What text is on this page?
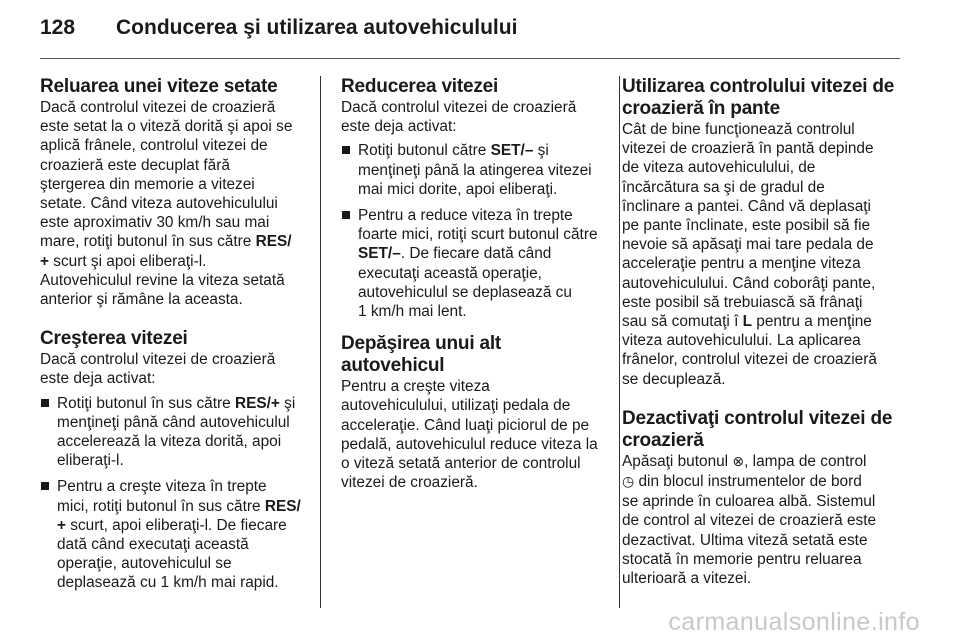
128	Conducerea şi utilizarea autovehiculului
Reluarea unei viteze setate

Dacă controlul vitezei de croazieră

este setat la o viteză dorită şi apoi se

aplică frânele, controlul vitezei de

croazieră este decuplat fără

ştergerea din memorie a vitezei

setate. Când viteza autovehiculului

este aproximativ 30 km/h sau mai

mare, rotiţi butonul în sus către RES/

+ scurt şi apoi eliberaţi-l.

Autovehiculul revine la viteza setată

anterior şi rămâne la aceasta.

Creşterea vitezei

Dacă controlul vitezei de croazieră

este deja activat:

Rotiţi butonul în sus către RES/+ şi
menţineţi până când autovehiculul
accelerează la viteza dorită, apoi
eliberaţi-l.
Pentru a creşte viteza în trepte
mici, rotiţi butonul în sus către RES/
+ scurt, apoi eliberaţi-l. De fiecare
dată când executaţi această
operaţie, autovehiculul se
deplasează cu 1 km/h mai rapid.
Reducerea vitezei

Dacă controlul vitezei de croazieră

este deja activat:

Rotiţi butonul către SET/– şi
menţineţi până la atingerea vitezei
mai mici dorite, apoi eliberaţi.
Pentru a reduce viteza în trepte
foarte mici, rotiţi scurt butonul către
SET/–. De fiecare dată când
executaţi această operaţie,
autovehiculul se deplasează cu
1 km/h mai lent.
Depăşirea unui alt autovehicul

Pentru a creşte viteza

autovehiculului, utilizaţi pedala de

acceleraţie. Când luaţi piciorul de pe

pedală, autovehiculul reduce viteza la

o viteză setată anterior de controlul

vitezei de croazieră.

Utilizarea controlului vitezei de
croazieră în pante

Cât de bine funcţionează controlul

vitezei de croazieră în pantă depinde

de viteza autovehiculului, de

încărcătura sa şi de gradul de

înclinare a pantei. Când vă deplasaţi

pe pante înclinate, este posibil să fie

nevoie să apăsaţi mai tare pedala de

acceleraţie pentru a menţine viteza

autovehiculului. Când coborâţi pante,

este posibil să trebuiască să frânaţi

sau să comutaţi î L pentru a menţine

viteza autovehiculului. La aplicarea

frânelor, controlul vitezei de croazieră

se decuplează.

Dezactivaţi controlul vitezei de
croazieră

Apăsaţi butonul ⊗, lampa de control

◷ din blocul instrumentelor de bord

se aprinde în culoarea albă. Sistemul

de control al vitezei de croazieră este

dezactivat. Ultima viteză setată este

stocată în memorie pentru reluarea

ulterioară a vitezei.

carmanualsonline.info
